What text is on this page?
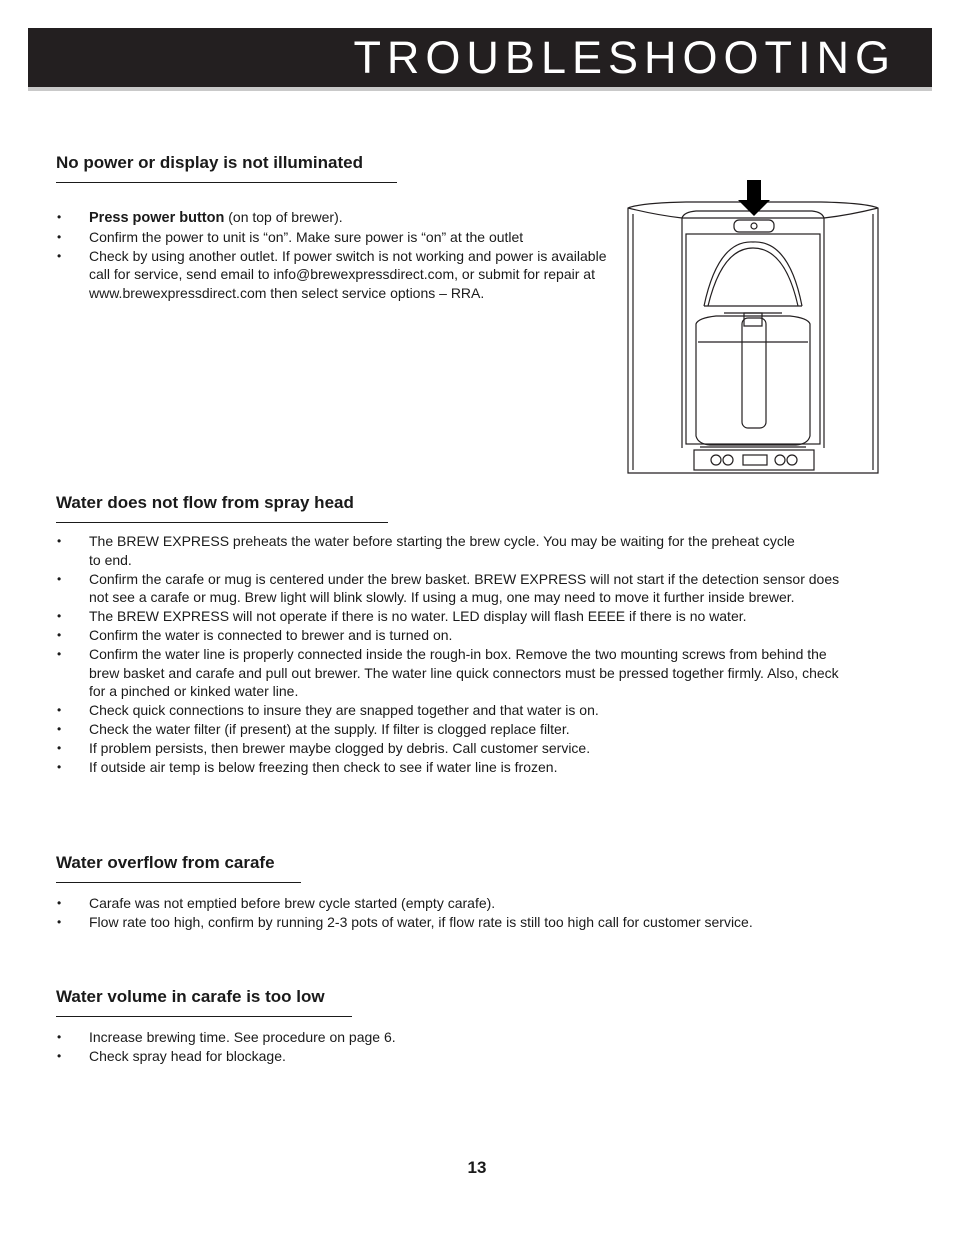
TROUBLESHOOTING
No power or display is not illuminated
• Press power button (on top of brewer).
• Confirm the power to unit is “on”. Make sure power is “on” at the outlet
• Check by using another outlet. If power switch is not working and power is available call for service, send email to info@brewexpressdirect.com, or submit for repair at www.brewexpressdirect.com then select service options – RRA.
Water does not flow from spray head
• The BREW EXPRESS preheats the water before starting the brew cycle. You may be waiting for the preheat cycle to end.
• Confirm the carafe or mug is centered under the brew basket. BREW EXPRESS will not start if the detection sensor does not see a carafe or mug. Brew light will blink slowly. If using a mug, one may need to move it further inside brewer.
• The BREW EXPRESS will not operate if there is no water. LED display will flash EEEE if there is no water.
• Confirm the water is connected to brewer and is turned on.
• Confirm the water line is properly connected inside the rough-in box. Remove the two mounting screws from behind the brew basket and carafe and pull out brewer. The water line quick connectors must be pressed together firmly. Also, check for a pinched or kinked water line.
• Check quick connections to insure they are snapped together and that water is on.
• Check the water filter (if present) at the supply. If filter is clogged replace filter.
• If problem persists, then brewer maybe clogged by debris. Call customer service.
• If outside air temp is below freezing then check to see if water line is frozen.
Water overflow from carafe
• Carafe was not emptied before brew cycle started (empty carafe).
• Flow rate too high, confirm by running 2-3 pots of water, if flow rate is still too high call for customer service.
Water volume in carafe is too low
• Increase brewing time. See procedure on page 6.
• Check spray head for blockage.
13
